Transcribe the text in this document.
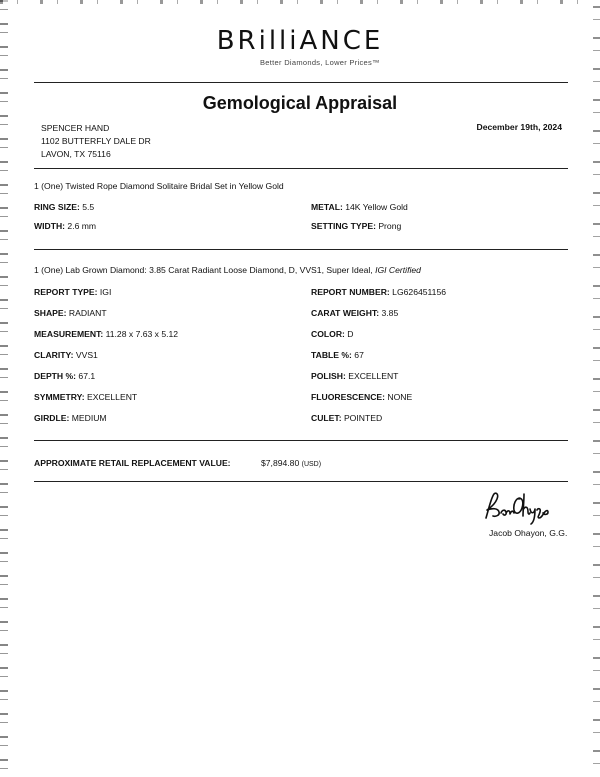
BRilliANCE
Better Diamonds, Lower Prices™
Gemological Appraisal
SPENCER HAND
1102 BUTTERFLY DALE DR
LAVON, TX 75116
December 19th, 2024
1 (One) Twisted Rope Diamond Solitaire Bridal Set in Yellow Gold
RING SIZE: 5.5	METAL: 14K Yellow Gold
WIDTH: 2.6 mm	SETTING TYPE: Prong
1 (One) Lab Grown Diamond: 3.85 Carat Radiant Loose Diamond, D, VVS1, Super Ideal, IGI Certified
REPORT TYPE: IGI	REPORT NUMBER: LG626451156
SHAPE: RADIANT	CARAT WEIGHT: 3.85
MEASUREMENT: 11.28 x 7.63 x 5.12	COLOR: D
CLARITY: VVS1	TABLE %: 67
DEPTH %: 67.1	POLISH: EXCELLENT
SYMMETRY: EXCELLENT	FLUORESCENCE: NONE
GIRDLE: MEDIUM	CULET: POINTED
APPROXIMATE RETAIL REPLACEMENT VALUE:	$7,894.80 (USD)
Jacob Ohayon, G.G.
